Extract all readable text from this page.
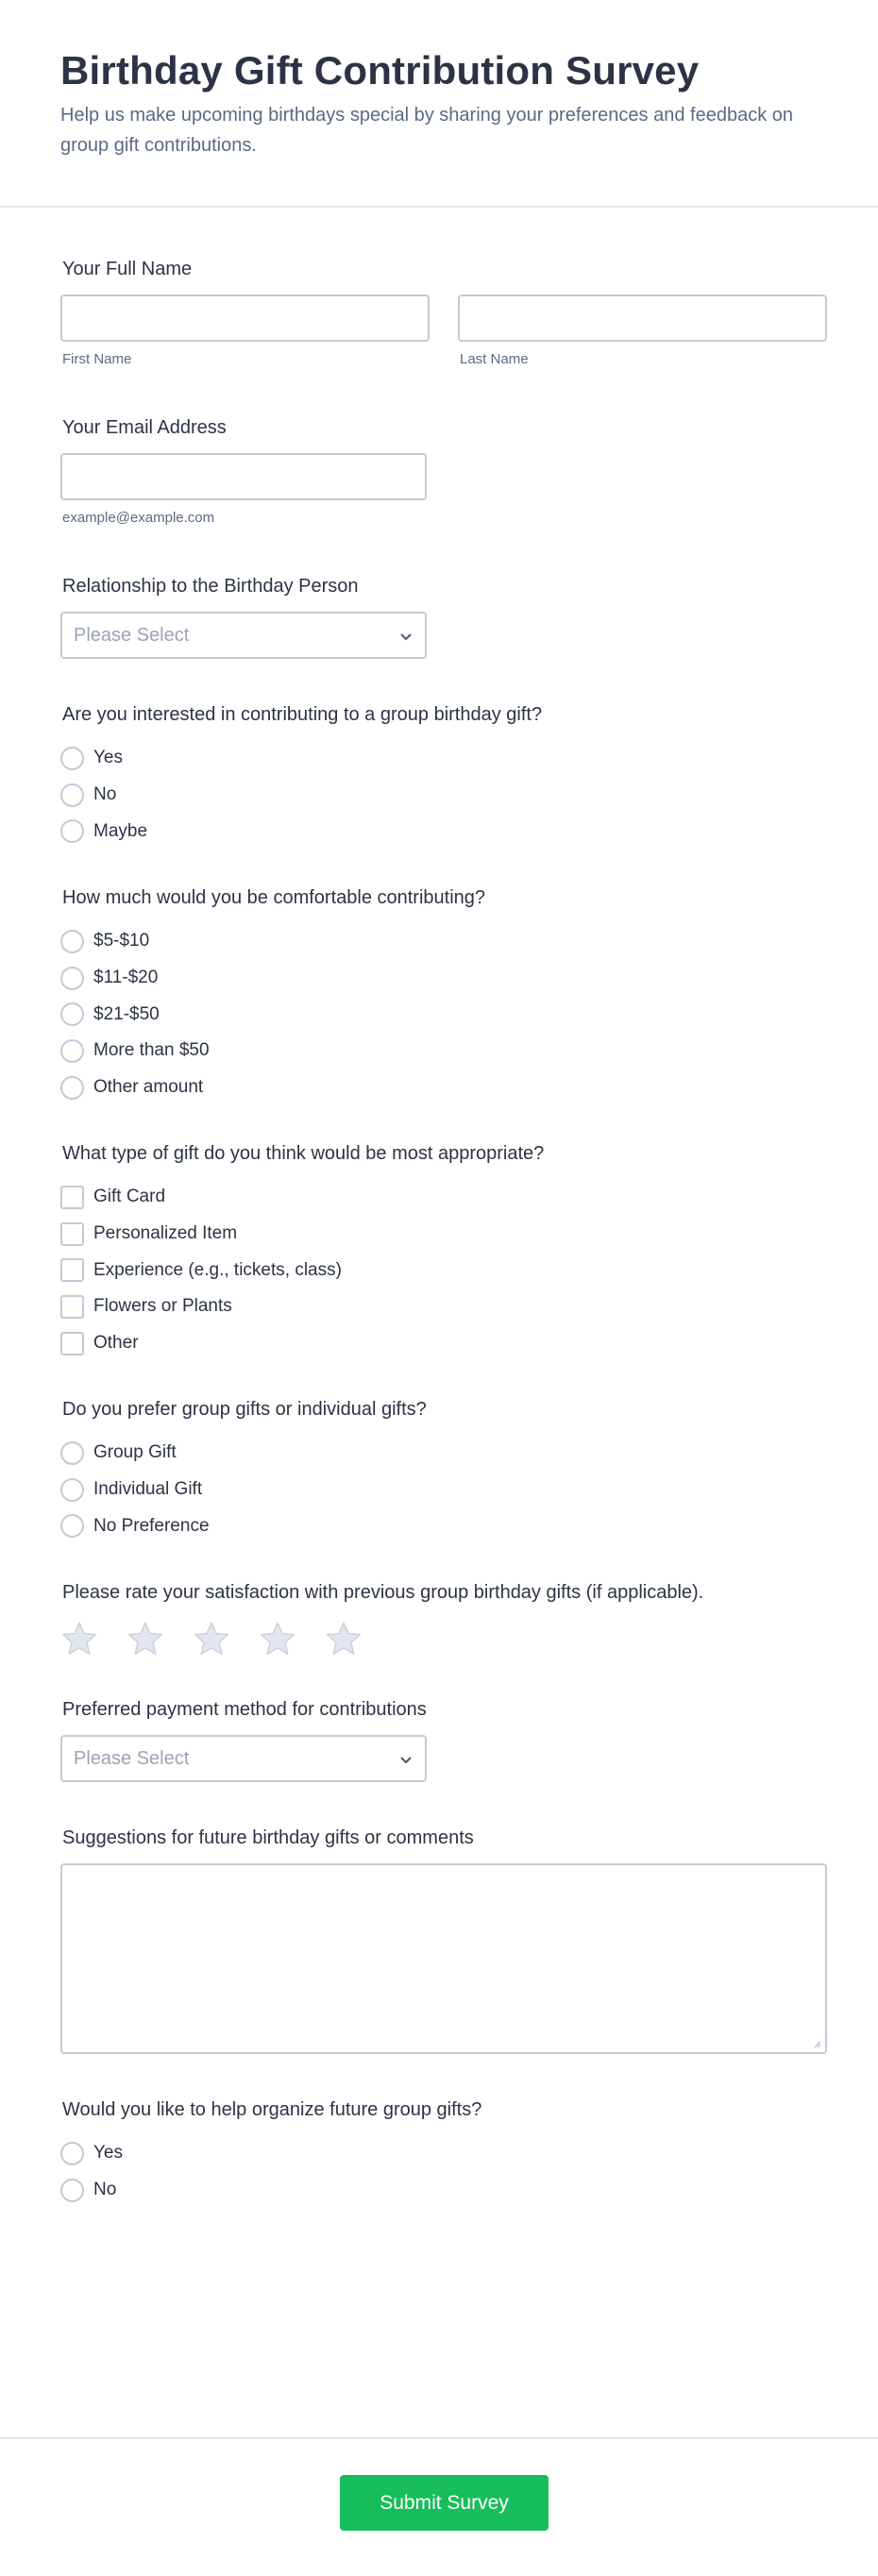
Birthday Gift Contribution Survey

Help us make upcoming birthdays special by sharing your preferences and feedback on group gift contributions.

Your Full Name
First Name	Last Name
Your Email Address
example@example.com
Relationship to the Birthday Person
Please Select
Are you interested in contributing to a group birthday gift?
Yes
No
Maybe
How much would you be comfortable contributing?
$5-$10
$11-$20
$21-$50
More than $50
Other amount
What type of gift do you think would be most appropriate?
Gift Card
Personalized Item
Experience (e.g., tickets, class)
Flowers or Plants
Other
Do you prefer group gifts or individual gifts?
Group Gift
Individual Gift
No Preference
Please rate your satisfaction with previous group birthday gifts (if applicable).
Preferred payment method for contributions
Please Select
Suggestions for future birthday gifts or comments
Would you like to help organize future group gifts?
Yes
No
Submit Survey
